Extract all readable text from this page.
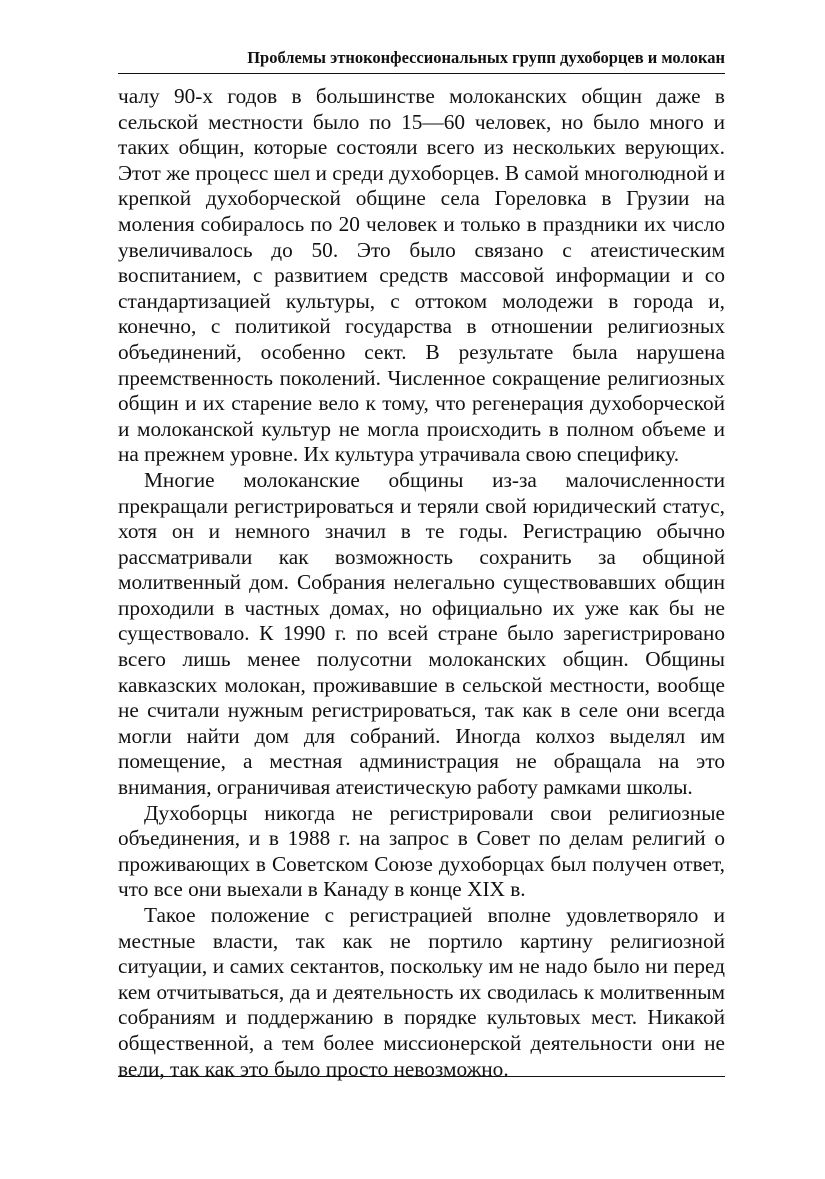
Проблемы этноконфессиональных групп духоборцев и молокан

чалу 90-х годов в большинстве молоканских общин даже в сельской местности было по 15—60 человек, но было много и таких общин, которые состояли всего из нескольких верующих. Этот же процесс шел и среди духоборцев. В самой многолюдной и крепкой духоборческой общине села Гореловка в Грузии на моления собиралось по 20 человек и только в праздники их число увеличивалось до 50. Это было связано с атеистическим воспитанием, с развитием средств массовой информации и со стандартизацией культуры, с оттоком молодежи в города и, конечно, с политикой государства в отношении религиозных объединений, особенно сект. В результате была нарушена преемственность поколений. Численное сокращение религиозных общин и их старение вело к тому, что регенерация духоборческой и молоканской культур не могла происходить в полном объеме и на прежнем уровне. Их культура утрачивала свою специфику.

Многие молоканские общины из-за малочисленности прекращали регистрироваться и теряли свой юридический статус, хотя он и немного значил в те годы. Регистрацию обычно рассматривали как возможность сохранить за общиной молитвенный дом. Собрания нелегально существовавших общин проходили в частных домах, но официально их уже как бы не существовало. К 1990 г. по всей стране было зарегистрировано всего лишь менее полусотни молоканских общин. Общины кавказских молокан, проживавшие в сельской местности, вообще не считали нужным регистрироваться, так как в селе они всегда могли найти дом для собраний. Иногда колхоз выделял им помещение, а местная администрация не обращала на это внимания, ограничивая атеистическую работу рамками школы.

Духоборцы никогда не регистрировали свои религиозные объединения, и в 1988 г. на запрос в Совет по делам религий о проживающих в Советском Союзе духоборцах был получен ответ, что все они выехали в Канаду в конце XIX в.

Такое положение с регистрацией вполне удовлетворяло и местные власти, так как не портило картину религиозной ситуации, и самих сектантов, поскольку им не надо было ни перед кем отчитываться, да и деятельность их сводилась к молитвенным собраниям и поддержанию в порядке культовых мест. Никакой общественной, а тем более миссионерской деятельности они не вели, так как это было просто невозможно.
